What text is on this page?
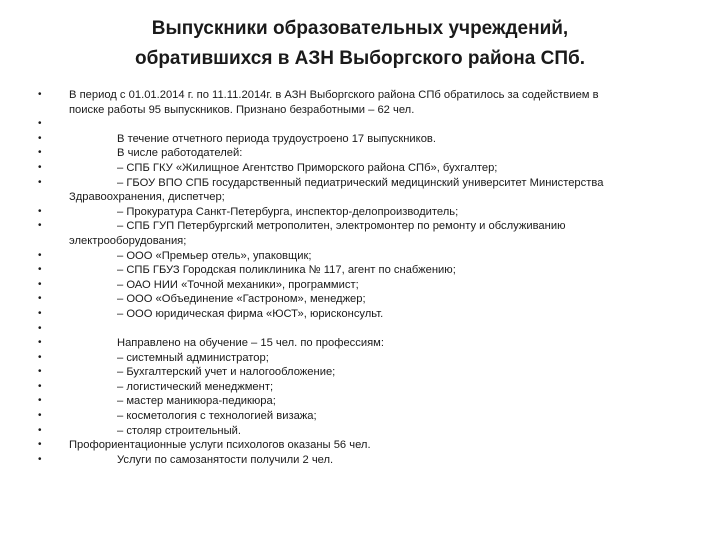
Выпускники образовательных учреждений,
обратившихся в АЗН Выборгского района СПб.
• В период с 01.01.2014 г. по 11.11.2014г. в АЗН Выборгского района СПб обратилось за содействием в
поиске работы 95 выпускников. Признано безработными – 62 чел.
•
•	В течение отчетного периода трудоустроено 17 выпускников.
•	В числе работодателей:
•	– СПБ ГКУ «Жилищное Агентство Приморского района СПб», бухгалтер;
•	– ГБОУ ВПО СПБ государственный педиатрический медицинский университет Министерства
Здравоохранения, диспетчер;
•	– Прокуратура Санкт-Петербурга, инспектор-делопроизводитель;
•	– СПБ ГУП Петербургский метрополитен, электромонтер по ремонту и обслуживанию
электрооборудования;
•	– ООО «Премьер отель», упаковщик;
•	– СПБ ГБУЗ Городская поликлиника № 117, агент по снабжению;
•	– ОАО НИИ «Точной механики», программист;
•	– ООО «Объединение «Гастроном», менеджер;
•	– ООО юридическая фирма «ЮСТ», юрисконсульт.
•
•	Направлено на обучение – 15 чел. по профессиям:
•	– системный администратор;
•	– Бухгалтерский учет и налогообложение;
•	– логистический менеджмент;
•	– мастер маникюра-педикюра;
•	– косметология с технологией визажа;
•	– столяр строительный.
• Профориентационные услуги психологов оказаны 56 чел.
•	Услуги по самозанятости получили 2 чел.
